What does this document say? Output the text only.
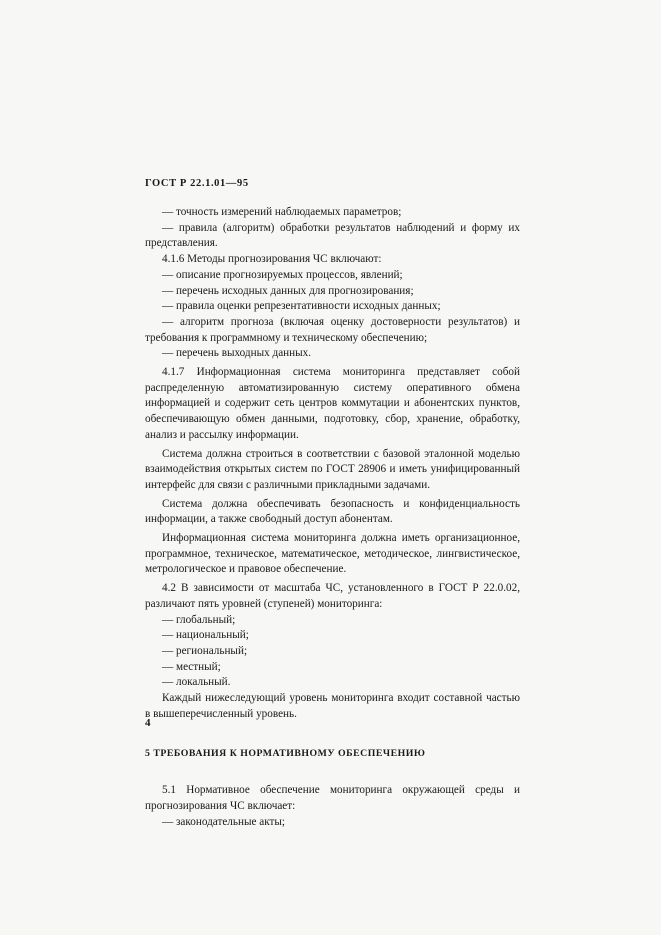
ГОСТ Р 22.1.01—95

— точность измерений наблюдаемых параметров;

— правила (алгоритм) обработки результатов наблюдений и форму их представления.

4.1.6 Методы прогнозирования ЧС включают:

— описание прогнозируемых процессов, явлений;

— перечень исходных данных для прогнозирования;

— правила оценки репрезентативности исходных данных;

— алгоритм прогноза (включая оценку достоверности результатов) и требования к программному и техническому обеспечению;

— перечень выходных данных.

4.1.7 Информационная система мониторинга представляет собой распределенную автоматизированную систему оперативного обмена информацией и содержит сеть центров коммутации и абонентских пунктов, обеспечивающую обмен данными, подготовку, сбор, хранение, обработку, анализ и рассылку информации.

Система должна строиться в соответствии с базовой эталонной моделью взаимодействия открытых систем по ГОСТ 28906 и иметь унифицированный интерфейс для связи с различными прикладными задачами.

Система должна обеспечивать безопасность и конфиденциальность информации, а также свободный доступ абонентам.

Информационная система мониторинга должна иметь организационное, программное, техническое, математическое, методическое, лингвистическое, метрологическое и правовое обеспечение.

4.2 В зависимости от масштаба ЧС, установленного в ГОСТ Р 22.0.02, различают пять уровней (ступеней) мониторинга:

— глобальный;

— национальный;

— региональный;

— местный;

— локальный.

Каждый нижеследующий уровень мониторинга входит составной частью в вышеперечисленный уровень.

5 ТРЕБОВАНИЯ К НОРМАТИВНОМУ ОБЕСПЕЧЕНИЮ

5.1 Нормативное обеспечение мониторинга окружающей среды и прогнозирования ЧС включает:

— законодательные акты;

4
